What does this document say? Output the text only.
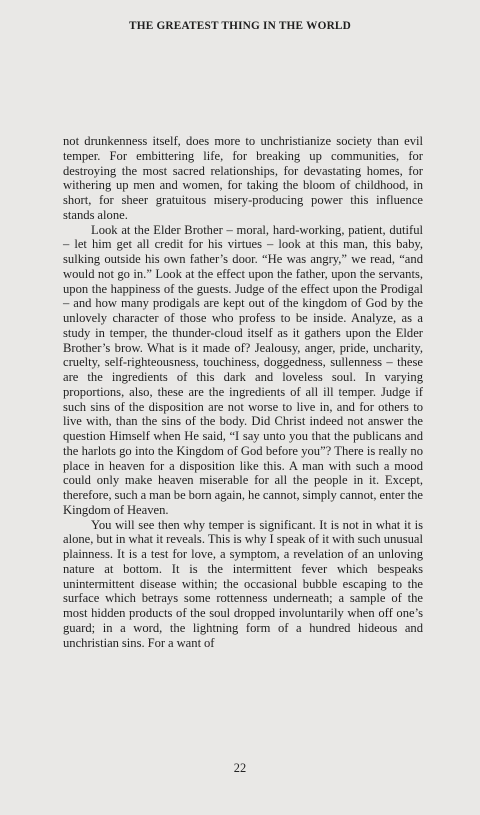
THE GREATEST THING IN THE WORLD

not drunkenness itself, does more to unchristianize society than evil temper. For embittering life, for breaking up communities, for destroying the most sacred relationships, for devastating homes, for withering up men and women, for taking the bloom of childhood, in short, for sheer gratuitous misery-producing power this influence stands alone.

Look at the Elder Brother – moral, hard-working, patient, dutiful – let him get all credit for his virtues – look at this man, this baby, sulking outside his own father’s door. “He was angry,” we read, “and would not go in.” Look at the effect upon the father, upon the servants, upon the happiness of the guests. Judge of the effect upon the Prodigal – and how many prodigals are kept out of the kingdom of God by the unlovely character of those who profess to be inside. Analyze, as a study in temper, the thunder-cloud itself as it gathers upon the Elder Brother’s brow. What is it made of? Jealousy, anger, pride, uncharity, cruelty, self-righteousness, touchiness, doggedness, sullenness – these are the ingredients of this dark and loveless soul. In varying proportions, also, these are the ingredients of all ill temper. Judge if such sins of the disposition are not worse to live in, and for others to live with, than the sins of the body. Did Christ indeed not answer the question Himself when He said, “I say unto you that the publicans and the harlots go into the Kingdom of God before you”? There is really no place in heaven for a disposition like this. A man with such a mood could only make heaven miserable for all the people in it. Except, therefore, such a man be born again, he cannot, simply cannot, enter the Kingdom of Heaven.

You will see then why temper is significant. It is not in what it is alone, but in what it reveals. This is why I speak of it with such unusual plainness. It is a test for love, a symptom, a revelation of an unloving nature at bottom. It is the intermittent fever which bespeaks unintermittent disease within; the occasional bubble escaping to the surface which betrays some rottenness underneath; a sample of the most hidden products of the soul dropped involuntarily when off one’s guard; in a word, the lightning form of a hundred hideous and unchristian sins. For a want of

22
